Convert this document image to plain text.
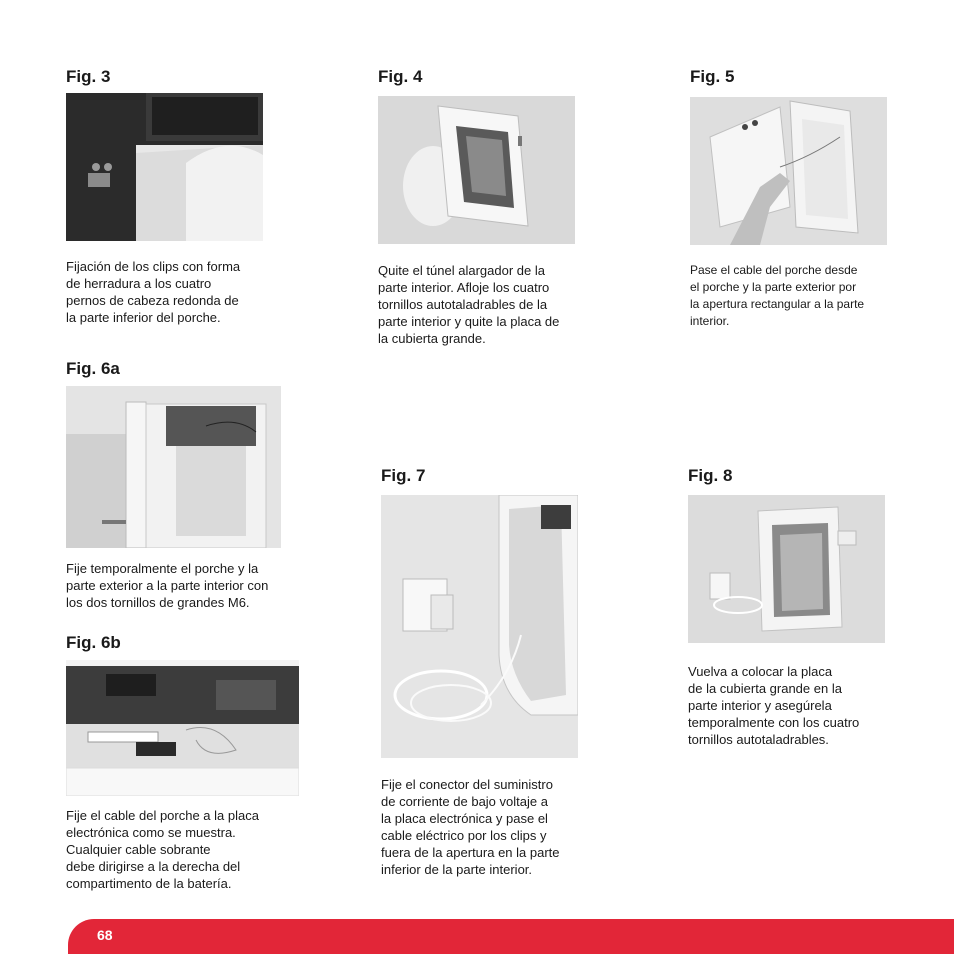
Fig. 3

Fijación de los clips con forma
de herradura a los cuatro
pernos de cabeza redonda de
la parte inferior del porche.

Fig. 4

Quite el túnel alargador de la
parte interior. Afloje los cuatro
tornillos autotaladrables de la
parte interior y quite la placa de
la cubierta grande.

Fig. 5

Pase el cable del porche desde
el porche y la parte exterior por
la apertura rectangular a la parte
interior.

Fig. 6a

Fije temporalmente el porche y la
parte exterior a la parte interior con
los dos tornillos de grandes M6.

Fig. 6b

Fije el cable del porche a la placa
electrónica como se muestra.
Cualquier cable sobrante
debe dirigirse a la derecha del
compartimento de la batería.

Fig. 7

Fije el conector del suministro
de corriente de bajo voltaje a
la placa electrónica y pase el
cable eléctrico por los clips y
fuera de la apertura en la parte
inferior de la parte interior.

Fig. 8

Vuelva a colocar la placa
de la cubierta grande en la
parte interior y asegúrela
temporalmente con los cuatro
tornillos autotaladrables.

68
